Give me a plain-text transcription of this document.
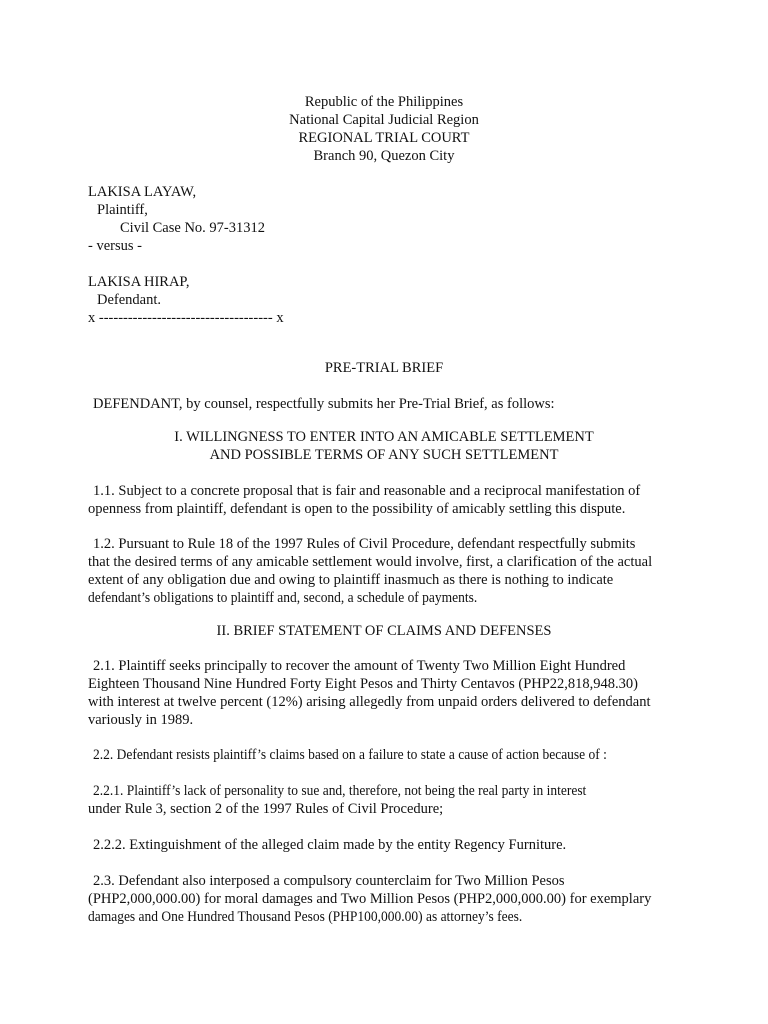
Republic of the Philippines
National Capital Judicial Region
REGIONAL TRIAL COURT
Branch 90, Quezon City
LAKISA LAYAW,
Plaintiff,
Civil Case No. 97-31312
- versus -
LAKISA HIRAP,
Defendant.
x ------------------------------------ x
PRE-TRIAL BRIEF
DEFENDANT, by counsel, respectfully submits her Pre-Trial Brief, as follows:
I. WILLINGNESS TO ENTER INTO AN AMICABLE SETTLEMENT
AND POSSIBLE TERMS OF ANY SUCH SETTLEMENT

1.1. Subject to a concrete proposal that is fair and reasonable and a reciprocal manifestation of

openness from plaintiff, defendant is open to the possibility of amicably settling this dispute.

1.2. Pursuant to Rule 18 of the 1997 Rules of Civil Procedure, defendant respectfully submits

that the desired terms of any amicable settlement would involve, first, a clarification of the actual

extent of any obligation due and owing to plaintiff inasmuch as there is nothing to indicate

defendant’s obligations to plaintiff and, second, a schedule of payments.

II. BRIEF STATEMENT OF CLAIMS AND DEFENSES

2.1. Plaintiff seeks principally to recover the amount of Twenty Two Million Eight Hundred

Eighteen Thousand Nine Hundred Forty Eight Pesos and Thirty Centavos (PHP22,818,948.30)

with interest at twelve percent (12%) arising allegedly from unpaid orders delivered to defendant

variously in 1989.

2.2. Defendant resists plaintiff’s claims based on a failure to state a cause of action because of :

2.2.1. Plaintiff’s lack of personality to sue and, therefore, not being the real party in interest

under Rule 3, section 2 of the 1997 Rules of Civil Procedure;

2.2.2. Extinguishment of the alleged claim made by the entity Regency Furniture.

2.3. Defendant also interposed a compulsory counterclaim for Two Million Pesos

(PHP2,000,000.00) for moral damages and Two Million Pesos (PHP2,000,000.00) for exemplary

damages and One Hundred Thousand Pesos (PHP100,000.00) as attorney’s fees.
